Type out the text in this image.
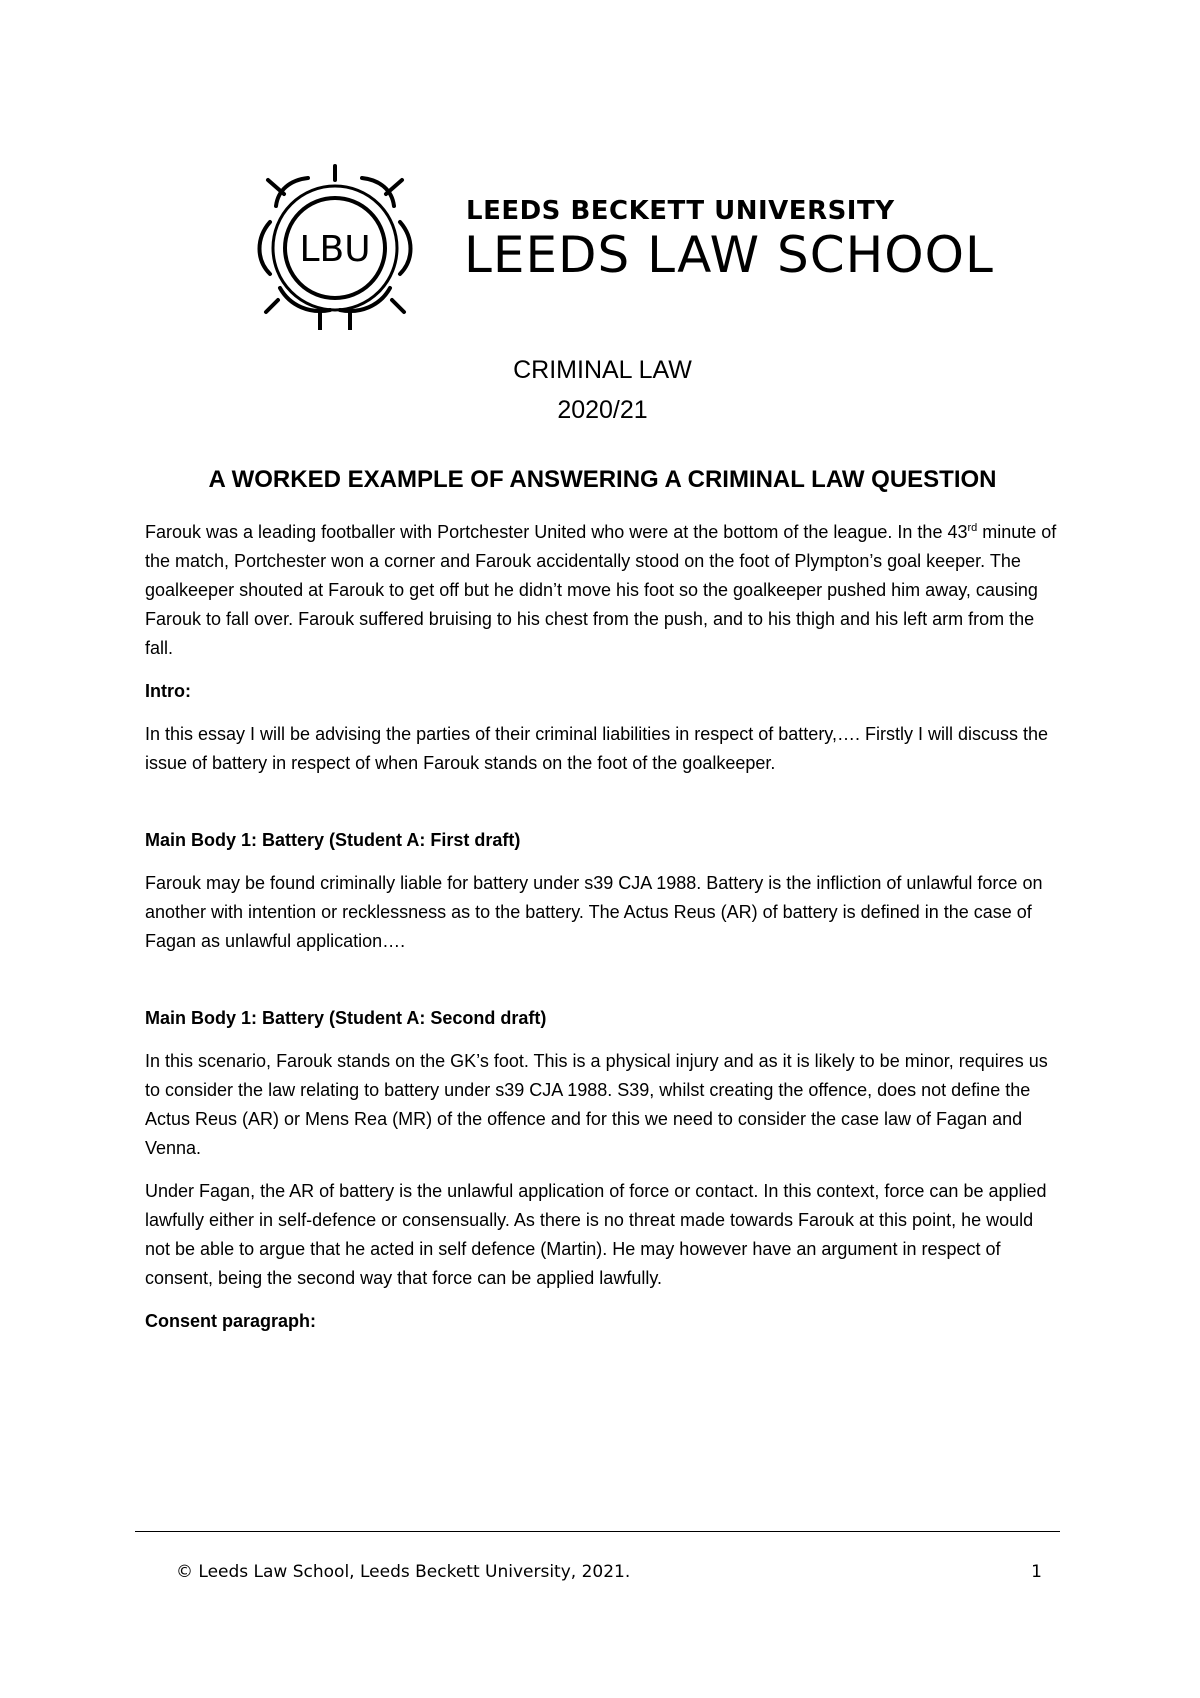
LBU
LEEDS BECKETT UNIVERSITY
LEEDS LAW SCHOOL
CRIMINAL LAW
2020/21
A WORKED EXAMPLE OF ANSWERING A CRIMINAL LAW QUESTION

Farouk was a leading footballer with Portchester United who were at the bottom of the league. In the 43rd minute of the match, Portchester won a corner and Farouk accidentally stood on the foot of Plympton’s goal keeper. The goalkeeper shouted at Farouk to get off but he didn’t move his foot so the goalkeeper pushed him away, causing Farouk to fall over. Farouk suffered bruising to his chest from the push, and to his thigh and his left arm from the fall.

Intro:

In this essay I will be advising the parties of their criminal liabilities in respect of battery,…. Firstly I will discuss the issue of battery in respect of when Farouk stands on the foot of the goalkeeper.

Main Body 1: Battery (Student A: First draft)

Farouk may be found criminally liable for battery under s39 CJA 1988. Battery is the infliction of unlawful force on another with intention or recklessness as to the battery. The Actus Reus (AR) of battery is defined in the case of Fagan as unlawful application….

Main Body 1: Battery (Student A: Second draft)

In this scenario, Farouk stands on the GK’s foot. This is a physical injury and as it is likely to be minor, requires us to consider the law relating to battery under s39 CJA 1988. S39, whilst creating the offence, does not define the Actus Reus (AR) or Mens Rea (MR) of the offence and for this we need to consider the case law of Fagan and Venna.

Under Fagan, the AR of battery is the unlawful application of force or contact. In this context, force can be applied lawfully either in self-defence or consensually. As there is no threat made towards Farouk at this point, he would not be able to argue that he acted in self defence (Martin). He may however have an argument in respect of consent, being the second way that force can be applied lawfully.

Consent paragraph:
© Leeds Law School, Leeds Beckett University, 2021.	1
